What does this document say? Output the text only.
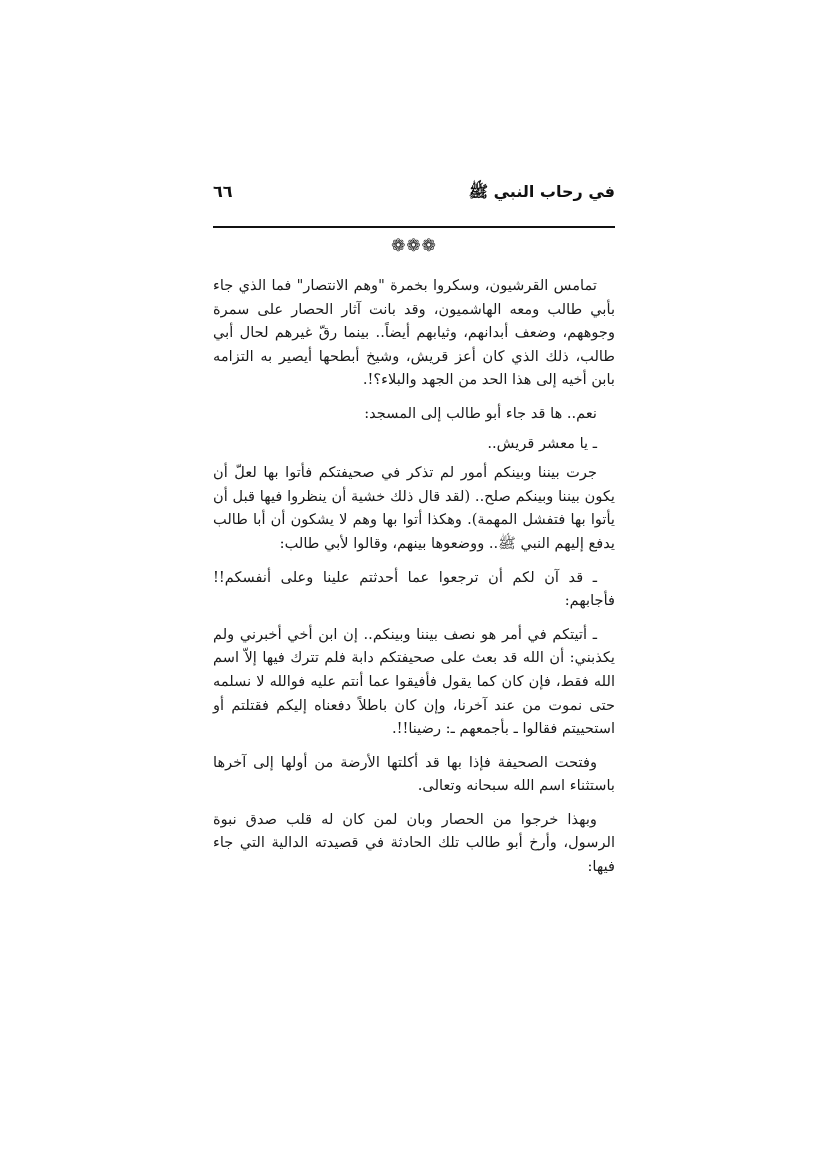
في رحاب النبي ﷺ
٦٦
❁❁❁

تمامس القرشيون، وسكروا بخمرة "وهم الانتصار" فما الذي جاء بأبي طالب ومعه الهاشميون، وقد بانت آثار الحصار على سمرة وجوههم، وضعف أبدانهم، وثيابهم أيضاً.. بينما رقّ غيرهم لحال أبي طالب، ذلك الذي كان أعز قريش، وشيخ أبطحها أيصير به التزامه بابن أخيه إلى هذا الحد من الجهد والبلاء؟!.

نعم.. ها قد جاء أبو طالب إلى المسجد:

ـ يا معشر قريش..

جرت بيننا وبينكم أمور لم تذكر في صحيفتكم فأتوا بها لعلّ أن يكون بيننا وبينكم صلح.. (لقد قال ذلك خشية أن ينظروا فيها قبل أن يأتوا بها فتفشل المهمة). وهكذا أتوا بها وهم لا يشكون أن أبا طالب يدفع إليهم النبي ﷺ.. ووضعوها بينهم، وقالوا لأبي طالب:

ـ قد آن لكم أن ترجعوا عما أحدثتم علينا وعلى أنفسكم!! فأجابهم:

ـ أتيتكم في أمر هو نصف بيننا وبينكم.. إن ابن أخي أخبرني ولم يكذبني: أن الله قد بعث على صحيفتكم دابة فلم تترك فيها إلاّ اسم الله فقط، فإن كان كما يقول فأفيقوا عما أنتم عليه فوالله لا نسلمه حتى نموت من عند آخرنا، وإن كان باطلاً دفعناه إليكم فقتلتم أو استحييتم فقالوا ـ بأجمعهم ـ: رضينا!!.

وفتحت الصحيفة فإذا بها قد أكلتها الأرضة من أولها إلى آخرها باستثناء اسم الله سبحانه وتعالى.

وبهذا خرجوا من الحصار وبان لمن كان له قلب صدق نبوة الرسول، وأرخ أبو طالب تلك الحادثة في قصيدته الدالية التي جاء فيها:
